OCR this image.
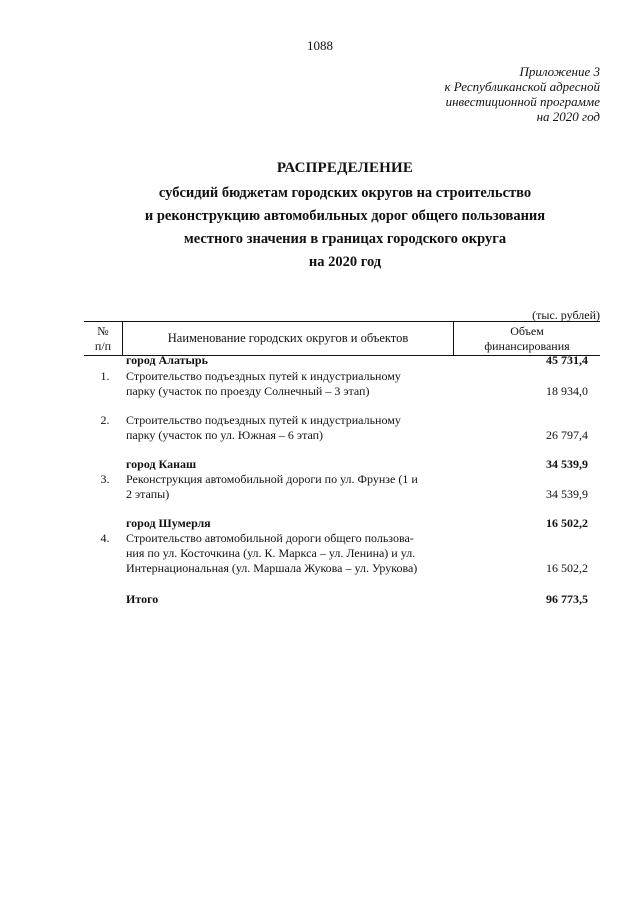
1088
Приложение 3
к Республиканской адресной
инвестиционной программе
на 2020 год
РАСПРЕДЕЛЕНИЕ
субсидий бюджетам городских округов на строительство
и реконструкцию автомобильных дорог общего пользования
местного значения в границах городского округа
на 2020 год
(тыс. рублей)
№
п/п
Наименование городских округов и объектов	Объем
финансирования
город Алатырь	45 731,4
1.	Строительство подъездных путей к индустриальному
парку (участок по проезду Солнечный – 3 этап)	18 934,0
2.	Строительство подъездных путей к индустриальному
парку (участок по ул. Южная – 6 этап)	26 797,4
город Канаш	34 539,9
3.	Реконструкция автомобильной дороги по ул. Фрунзе (1 и
2 этапы)	34 539,9
город Шумерля	16 502,2
4.	Строительство автомобильной дороги общего пользова-
ния по ул. Косточкина (ул. К. Маркса – ул. Ленина) и ул.
Интернациональная (ул. Маршала Жукова – ул. Урукова)	16 502,2
Итого	96 773,5
